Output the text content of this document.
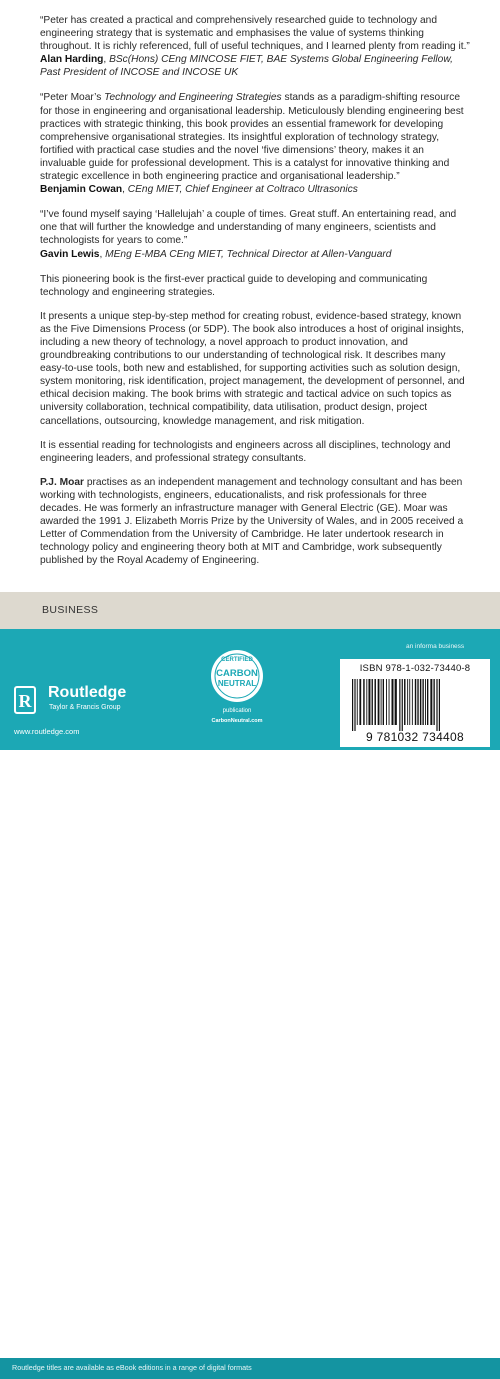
“Peter has created a practical and comprehensively researched guide to technology and engineering strategy that is systematic and emphasises the value of systems thinking throughout. It is richly referenced, full of useful techniques, and I learned plenty from reading it.”

Alan Harding, BSc(Hons) CEng MINCOSE FIET, BAE Systems Global Engineering Fellow, Past President of INCOSE and INCOSE UK

“Peter Moar’s Technology and Engineering Strategies stands as a paradigm-shifting resource for those in engineering and organisational leadership. Meticulously blending engineering best practices with strategic thinking, this book provides an essential framework for developing comprehensive organisational strategies. Its insightful exploration of technology strategy, fortified with practical case studies and the novel ‘five dimensions’ theory, makes it an invaluable guide for professional development. This is a catalyst for innovative thinking and strategic excellence in both engineering practice and organisational leadership.”

Benjamin Cowan, CEng MIET, Chief Engineer at Coltraco Ultrasonics

“I’ve found myself saying ‘Hallelujah’ a couple of times. Great stuff. An entertaining read, and one that will further the knowledge and understanding of many engineers, scientists and technologists for years to come.”

Gavin Lewis, MEng E-MBA CEng MIET, Technical Director at Allen-Vanguard

This pioneering book is the first-ever practical guide to developing and communicating technology and engineering strategies.

It presents a unique step-by-step method for creating robust, evidence-based strategy, known as the Five Dimensions Process (or 5DP). The book also introduces a host of original insights, including a new theory of technology, a novel approach to product innovation, and groundbreaking contributions to our understanding of technological risk. It describes many easy-to-use tools, both new and established, for supporting activities such as solution design, system monitoring, risk identification, project management, the development of personnel, and ethical decision making. The book brims with strategic and tactical advice on such topics as university collaboration, technical compatibility, data utilisation, product design, project cancellations, outsourcing, knowledge management, and risk mitigation.

It is essential reading for technologists and engineers across all disciplines, technology and engineering leaders, and professional strategy consultants.

P.J. Moar practises as an independent management and technology consultant and has been working with technologists, engineers, educationalists, and risk professionals for three decades. He was formerly an infrastructure manager with General Electric (GE). Moar was awarded the 1991 J. Elizabeth Morris Prize by the University of Wales, and in 2005 received a Letter of Commendation from the University of Cambridge. He later undertook research in technology policy and engineering theory both at MIT and Cambridge, work subsequently published by the Royal Academy of Engineering.

BUSINESS
R Routledge
Taylor & Francis Group
www.routledge.com
CERTIFIED
CARBON
NEUTRAL
publication
CarbonNeutral.com
an informa business
ISBN 978-1-032-73440-8
9 781032 734408
Routledge titles are available as eBook editions in a range of digital formats
